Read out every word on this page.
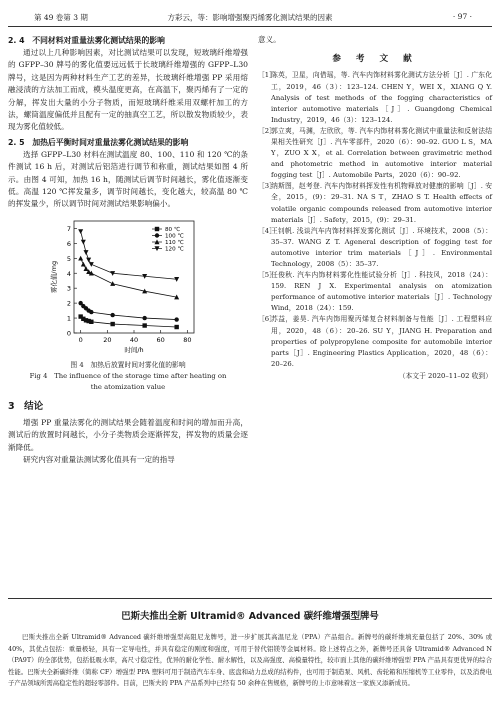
第 49 卷第 3 期	方彩云，等：影响增强聚丙烯雾化测试结果的因素	· 97 ·
2. 4　不同材料对重量法雾化测试结果的影响

通过以上几种影响因素，对比测试结果可以发现，短玻璃纤维增强的 GFPP–30 牌号的雾化值要远远低于长玻璃纤维增强的 GFPP–L30 牌号，这是因为两种材料生产工艺的差异，长玻璃纤维增强 PP 采用熔融浸渍的方法加工而成，模头温度更高，在高温下，聚丙烯有了一定的分解，挥发出大量的小分子物质，而短玻璃纤维采用双螺杆加工的方法，螺筒温度偏低并且配有一定的抽真空工艺，所以散发物质较少，表现为雾化值较低。

2. 5　加热后平衡时间对重量法雾化测试结果的影响

选择 GFPP–L30 材料在测试温度 80、100、110 和 120 ℃的条件测试 16 h 后，对测试后铝箔进行调节和称重，测试结果如图 4 所示。由图 4 可知，加热 16 h，随测试后调节时间越长，雾化值逐渐变低。高温 120 ℃挥发量多，调节时间越长，变化越大，较高温 80 ℃的挥发量少，所以调节时间对测试结果影响偏小。

0
1
2
3
4
5
6
7
0	20	40	60	80
时间/h
雾化值/mg
80 ℃
100 ℃
110 ℃
120 ℃
图 4　加热后放置时间对雾化值的影响
Fig 4　The influence of the storage time after heating on
the atomization value
3　结论

增强 PP 重量法雾化的测试结果会随着温度和时间的增加而升高，测试后的放置时间越长，小分子类物质会逐渐挥发，挥发物的质量会逐渐降低。

研究内容对重量法测试雾化值具有一定的指导

意义。
参 考 文 献
［1］
陈英，卫星，向借瑶，等. 汽车内饰材料雾化测试方法分析［J］. 广东化工，2019，46（3）：123–124. CHEN Y，WEI X，XIANG Q Y. Analysis of test methods of the fogging characteristics of interior automotive materials［J］. Guangdong Chemical Industry，2019，46（3）：123–124.
［2］
郭立爽，马渊，左欣欣，等. 汽车内饰材料雾化测试中重量法和反射法结果相关性研究［J］. 汽车零部件，2020（6）：90–92. GUO L S，MA Y，ZUO X X，et al. Correlation between gravimetric method and photometric method in automotive interior material fogging test［J］. Automobile Parts，2020（6）：90–92.
［3］
纳斯图，赵考登. 汽车内饰材料挥发性有机物释放对健康的影响［J］. 安全，2015，(9)：29–31. NA S T，ZHAO S T. Health effects of volatile organic compounds released from automotive interior materials［J］. Safety，2015，(9)：29–31.
［4］
王钊帆. 浅谈汽车内饰材料挥发雾化测试［J］. 环境技术，2008（5）：35–37. WANG Z T. Ageneral description of fogging test for automotive interior trim materials［J］. Environmental Technology，2008（5）：35–37.
［5］
任俊秋. 汽车内饰材料雾化性能试验分析［J］. 科技风，2018（24）：159. REN J X. Experimental analysis on atomization performance of automotive interior materials［J］. Technology Wind，2018（24）：159.
［6］
苏益，姜昊. 汽车内饰用聚丙烯复合材料制备与性能［J］. 工程塑料应用，2020，48（6）：20–26. SU Y，JIANG H. Preparation and properties of polypropylene composite for automobile interior parts［J］. Engineering Plastics Application，2020，48（6）：20–26.
（本文于 2020–11–02 收到）
巴斯夫推出全新 Ultramid® Advanced 碳纤维增强型牌号
巴斯夫推出全新 Ultramid® Advanced 碳纤维增强型高阻尼龙牌号，进一步扩展其高温尼龙（PPA）产品组合。新牌号的碳纤维填充量包括了 20%、30% 或 40%，其优点包括：重量极轻，具有一定导电性，并具有稳定的刚度和强度，可用于替代铝镁等金属材料。除上述特点之外，新牌号还具备 Ultramid® Advanced N（PA9T）的全部优势，包括低吸水率，高尺寸稳定性，优异的耐化学性、耐水解性，以及高强度、高模量特性，较市面上其他的碳纤维增强型 PPA 产品具有更优异的综合性能。巴斯夫全新碳纤维（简称 CF）增强型 PPA 塑料可用于制造汽车车身、底盘和动力总成的结构件，也可用于制造泵、风机、齿轮箱和压缩机等工业零件，以及消费电子产品领域所需高稳定性的超轻零部件。目前，巴斯夫的 PPA 产品系列中已经有 50 余种在售规格，新牌号的上市意味着这一家族又添新成员。
